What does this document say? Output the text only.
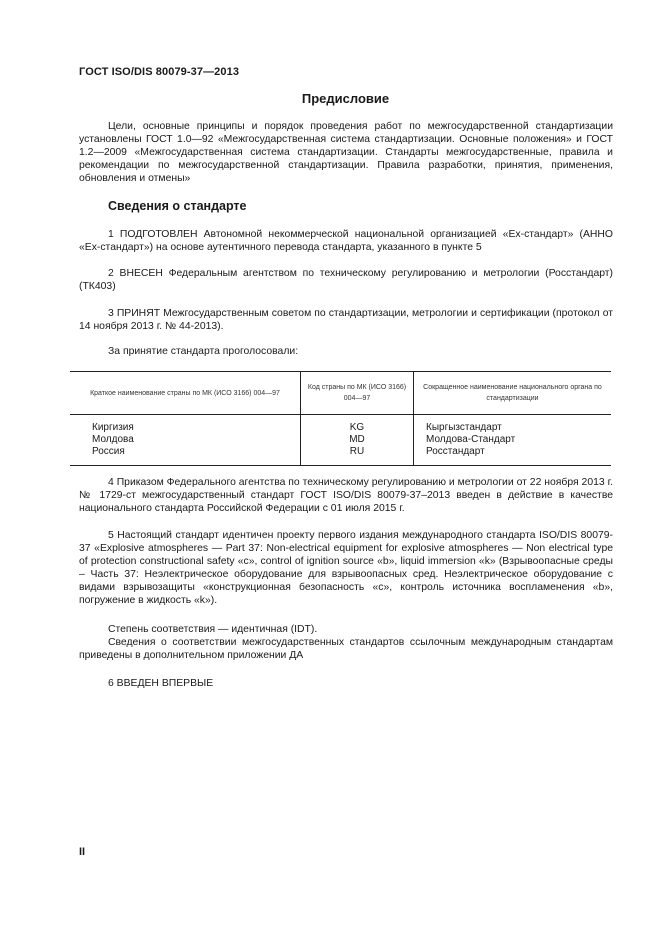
ГОСТ ISO/DIS 80079-37—2013
Предисловие

Цели, основные принципы и порядок проведения работ по межгосударственной стандартизации установлены ГОСТ 1.0—92 «Межгосударственная система стандартизации. Основные положения» и ГОСТ 1.2—2009 «Межгосударственная система стандартизации. Стандарты межгосударственные, правила и рекомендации по межгосударственной стандартизации. Правила разработки, принятия, применения, обновления и отмены»

Сведения о стандарте

1 ПОДГОТОВЛЕН Автономной некоммерческой национальной организацией «Ех-стандарт» (АННО «Ех-стандарт») на основе аутентичного перевода стандарта, указанного в пункте 5

2 ВНЕСЕН Федеральным агентством по техническому регулированию и метрологии (Росстандарт) (ТК403)

3 ПРИНЯТ Межгосударственным советом по стандартизации, метрологии и сертификации (протокол от 14 ноября 2013 г. № 44-2013).

За принятие стандарта проголосовали:
Краткое наименование страны по МК (ИСО 3166) 004—97	Код страны по МК (ИСО 3166) 004—97	Сокращенное наименование национального органа по стандартизации
Киргизия	KG	Кыргызстандарт
Молдова	MD	Молдова-Стандарт
Россия	RU	Росстандарт

4 Приказом Федерального агентства по техническому регулированию и метрологии от 22 ноября 2013 г. № 1729-ст межгосударственный стандарт ГОСТ ISO/DIS 80079-37–2013 введен в действие в качестве национального стандарта Российской Федерации с 01 июля 2015 г.

5 Настоящий стандарт идентичен проекту первого издания международного стандарта ISO/DIS 80079-37 «Explosive atmospheres — Part 37: Non-electrical equipment for explosive atmospheres — Non electrical type of protection constructional safety «c», control of ignition source «b», liquid immersion «k» (Взрывоопасные среды – Часть 37: Неэлектрическое оборудование для взрывоопасных сред. Неэлектрическое оборудование с видами взрывозащиты «конструкционная безопасность «c», контроль источника воспламенения «b», погружение в жидкость «k»).

Степень соответствия — идентичная (IDT).

Сведения о соответствии межгосударственных стандартов ссылочным международным стандартам приведены в дополнительном приложении ДА

6 ВВЕДЕН ВПЕРВЫЕ

II
